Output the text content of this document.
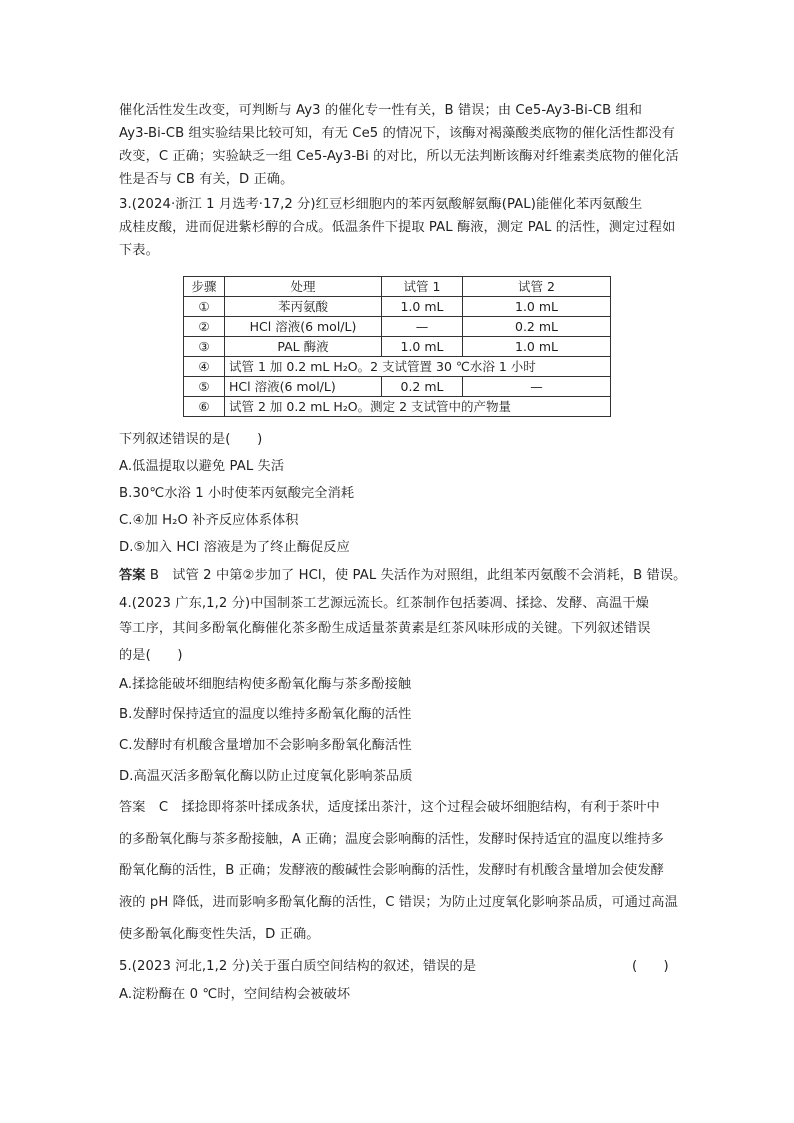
催化活性发生改变，可判断与 Ay3 的催化专一性有关，B 错误；由 Ce5-Ay3-Bi-CB 组和
Ay3-Bi-CB 组实验结果比较可知，有无 Ce5 的情况下，该酶对褐藻酸类底物的催化活性都没有
改变，C 正确；实验缺乏一组 Ce5-Ay3-Bi 的对比，所以无法判断该酶对纤维素类底物的催化活
性是否与 CB 有关，D 正确。
3.(2024·浙江 1 月选考·17,2 分)红豆杉细胞内的苯丙氨酸解氨酶(PAL)能催化苯丙氨酸生
成桂皮酸，进而促进紫杉醇的合成。低温条件下提取 PAL 酶液，测定 PAL 的活性，测定过程如
下表。
步骤	处理	试管 1	试管 2
①	苯丙氨酸	1.0 mL	1.0 mL
②	HCl 溶液(6 mol/L)	—	0.2 mL
③	PAL 酶液	1.0 mL	1.0 mL
④	试管 1 加 0.2 mL H₂O。2 支试管置 30 ℃水浴 1 小时		
⑤	HCl 溶液(6 mol/L)	0.2 mL	—
⑥	试管 2 加 0.2 mL H₂O。测定 2 支试管中的产物量		
下列叙述错误的是(　　)
A.低温提取以避免 PAL 失活
B.30℃水浴 1 小时使苯丙氨酸完全消耗
C.④加 H₂O 补齐反应体系体积
D.⑤加入 HCl 溶液是为了终止酶促反应
答案 B　试管 2 中第②步加了 HCl，使 PAL 失活作为对照组，此组苯丙氨酸不会消耗，B 错误。
4.(2023 广东,1,2 分)中国制茶工艺源远流长。红茶制作包括萎凋、揉捻、发酵、高温干燥
等工序，其间多酚氧化酶催化茶多酚生成适量茶黄素是红茶风味形成的关键。下列叙述错误
的是(　　)
A.揉捻能破坏细胞结构使多酚氧化酶与茶多酚接触
B.发酵时保持适宜的温度以维持多酚氧化酶的活性
C.发酵时有机酸含量增加不会影响多酚氧化酶活性
D.高温灭活多酚氧化酶以防止过度氧化影响茶品质
答案　C　揉捻即将茶叶揉成条状，适度揉出茶汁，这个过程会破坏细胞结构，有利于茶叶中
的多酚氧化酶与茶多酚接触，A 正确；温度会影响酶的活性，发酵时保持适宜的温度以维持多
酚氧化酶的活性，B 正确；发酵液的酸碱性会影响酶的活性，发酵时有机酸含量增加会使发酵
液的 pH 降低，进而影响多酚氧化酶的活性，C 错误；为防止过度氧化影响茶品质，可通过高温
使多酚氧化酶变性失活，D 正确。
5.(2023 河北,1,2 分)关于蛋白质空间结构的叙述，错误的是	(　　)
A.淀粉酶在 0 ℃时，空间结构会被破坏
